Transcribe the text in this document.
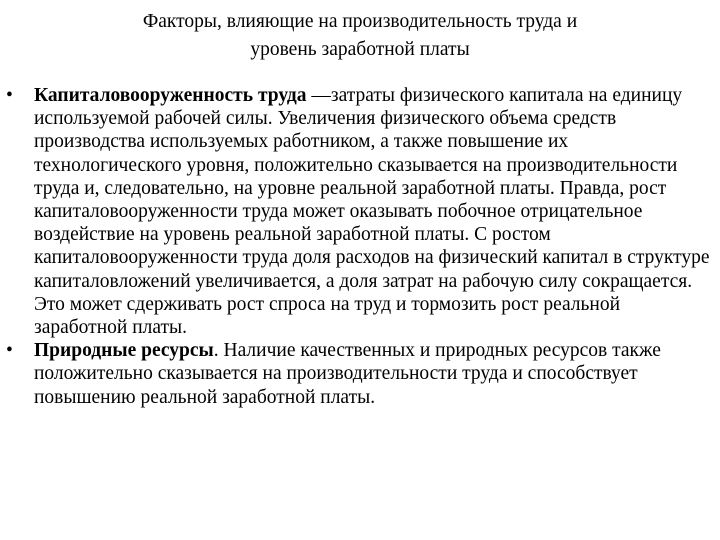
Факторы, влияющие на производительность труда и
уровень заработной платы
•	Капиталовооруженность труда —затраты физического капитала на единицу используемой рабочей силы. Увеличения физического объема средств производства используемых работником, а также повышение их технологического уровня, положительно сказывается на производительности труда и, следовательно, на уровне реальной заработной платы. Правда, рост капиталовооруженности труда может оказывать побочное отрицательное воздействие на уровень реальной заработной платы. С ростом капиталовооруженности труда доля расходов на физический капитал в структуре капиталовложений увеличивается, а доля затрат на рабочую силу сокращается. Это может сдерживать рост спроса на труд и тормозить рост реальной заработной платы.
•	Природные ресурсы. Наличие качественных и природных ресурсов также положительно сказывается на производительности труда и способствует повышению реальной заработной платы.
